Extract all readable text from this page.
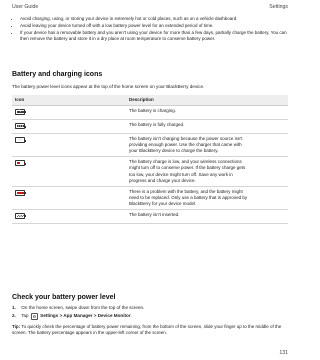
User Guide	Settings
• Avoid charging, using, or storing your device in extremely hot or cold places, such as on a vehicle dashboard.
• Avoid leaving your device turned off with a low battery power level for an extended period of time.
• If your device has a removable battery and you aren't using your device for more than a few days, partially charge the battery. You can then remove the battery and store it in a dry place at room temperature to conserve battery power.
Battery and charging icons
The battery power level icons appear at the top of the home screen on your BlackBerry device.
Icon	Description

ϟ	The battery is charging.

	The battery is fully charged.

∴	The battery isn't charging because the power source isn't providing enough power. Use the charger that came with your BlackBerry device to charge the battery.

	The battery charge is low, and your wireless connections might turn off to conserve power. If the battery charge gets too low, your device might turn off. Save any work in progress and charge your device.

	There is a problem with the battery, and the battery might need to be replaced. Only use a battery that is approved by BlackBerry for your device model.

	The battery isn't inserted.
Check your battery power level
1. On the home screen, swipe down from the top of the screen.
2. Tap ⚙ Settings > App Manager > Device Monitor.
Tip: To quickly check the percentage of battery power remaining, from the bottom of the screen, slide your finger up to the middle of the screen. The battery percentage appears in the upper-left corner of the screen.
131
